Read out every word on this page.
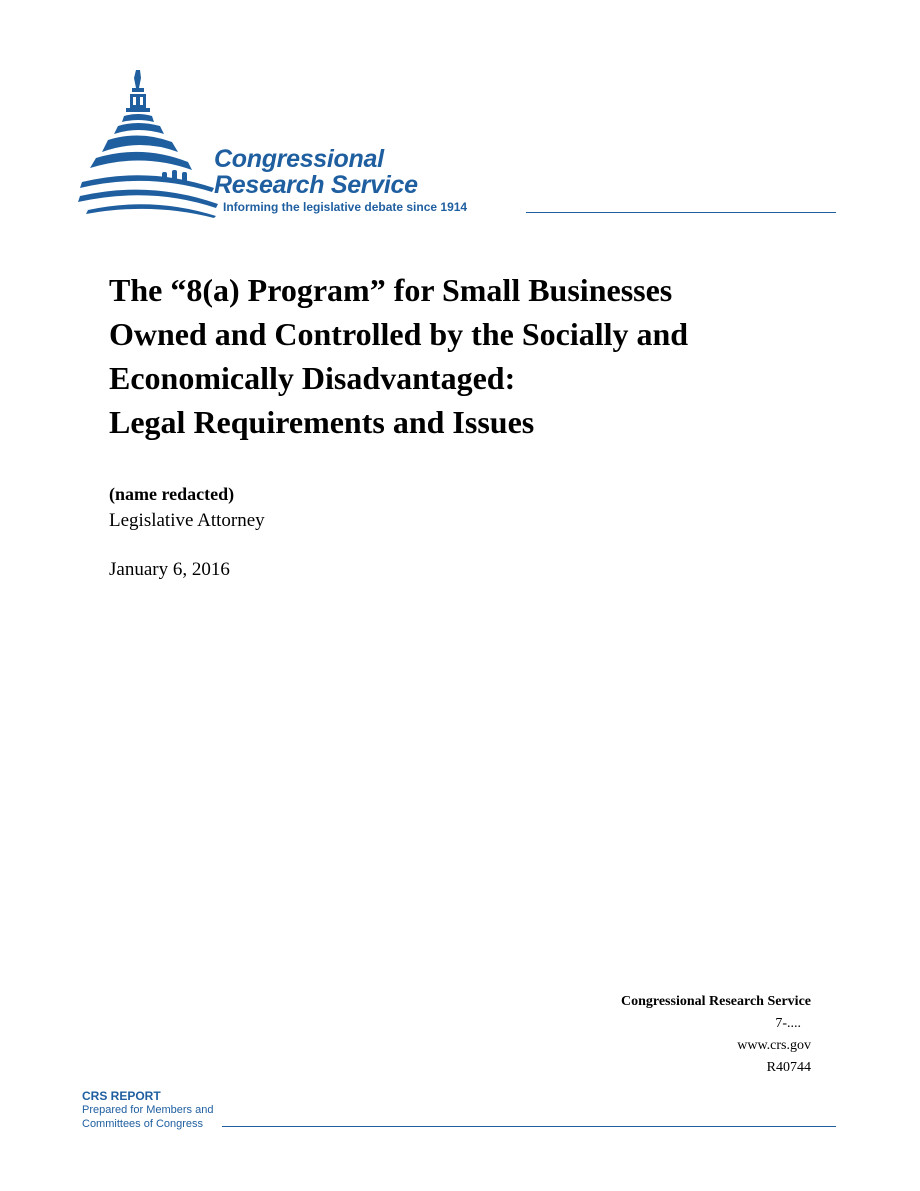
Congressional
Research Service
Informing the legislative debate since 1914
The “8(a) Program” for Small Businesses
Owned and Controlled by the Socially and
Economically Disadvantaged:
Legal Requirements and Issues
(name redacted)
Legislative Attorney
January 6, 2016
Congressional Research Service
7-....
www.crs.gov
R40744
CRS REPORT
Prepared for Members and
Committees of Congress
